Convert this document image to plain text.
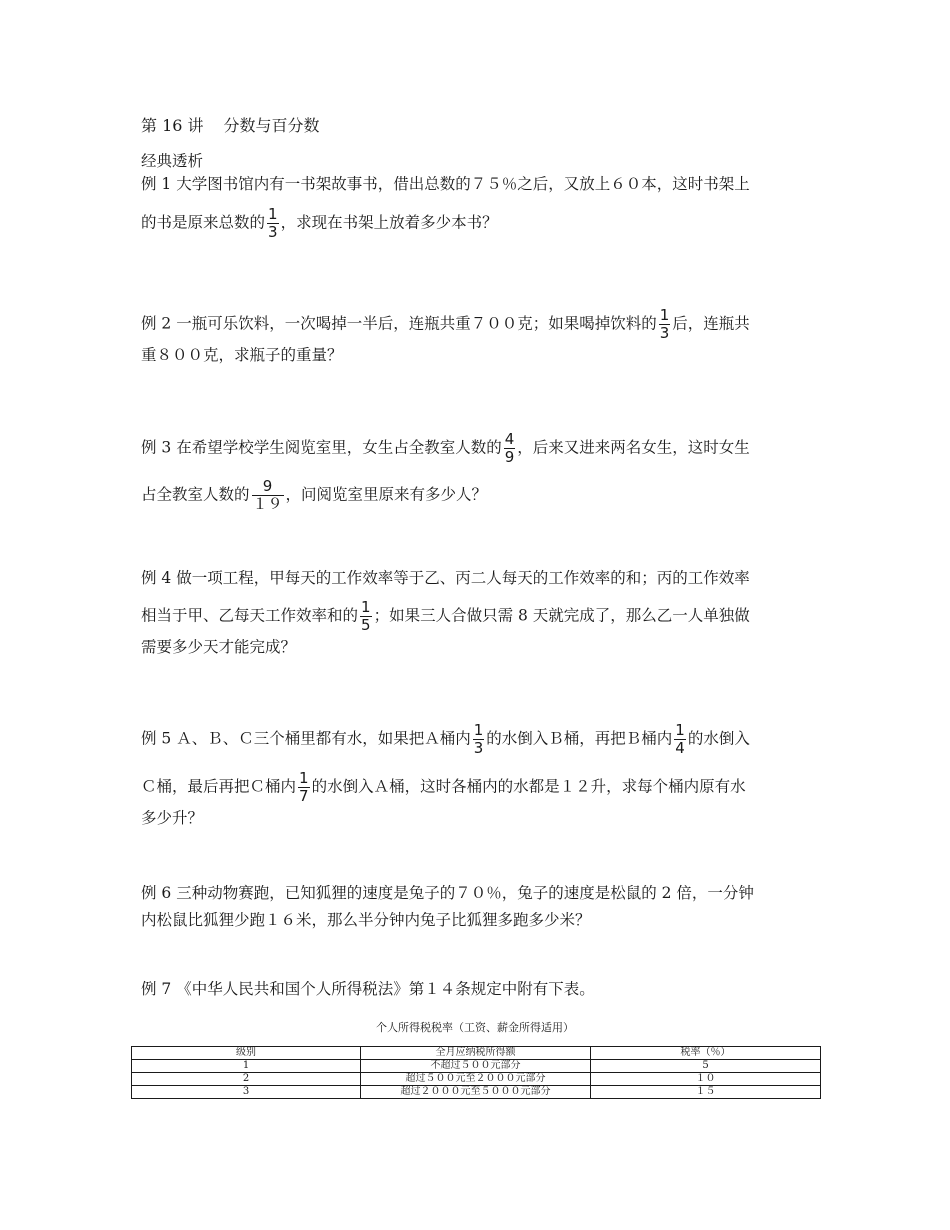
第 16 讲 分数与百分数
经典透析
例 1 大学图书馆内有一书架故事书，借出总数的７５％之后，又放上６０本，这时书架上
的书是原来总数的 $\frac{1}{3}$ ，求现在书架上放着多少本书？
例 2 一瓶可乐饮料，一次喝掉一半后，连瓶共重７００克；如果喝掉饮料的 $\frac{1}{3}$ 后，连瓶共
重８００克，求瓶子的重量？
例 3 在希望学校学生阅览室里，女生占全教室人数的 $\frac{4}{9}$ ，后来又进来两名女生，这时女生
占全教室人数的 $\frac{9}{19}$ ，问阅览室里原来有多少人？
例 4 做一项工程，甲每天的工作效率等于乙、丙二人每天的工作效率的和；丙的工作效率
相当于甲、乙每天工作效率和的 $\frac{1}{5}$ ；如果三人合做只需 8 天就完成了，那么乙一人单独做
需要多少天才能完成？
例 5 Ａ、Ｂ、Ｃ三个桶里都有水，如果把Ａ桶内 $\frac{1}{3}$ 的水倒入Ｂ桶，再把Ｂ桶内 $\frac{1}{4}$ 的水倒入
Ｃ桶，最后再把Ｃ桶内 $\frac{1}{7}$ 的水倒入Ａ桶，这时各桶内的水都是１２升，求每个桶内原有水
多少升？
例 6 三种动物赛跑，已知狐狸的速度是兔子的７０％，兔子的速度是松鼠的 2 倍，一分钟
内松鼠比狐狸少跑１６米，那么半分钟内兔子比狐狸多跑多少米？
例 7 《中华人民共和国个人所得税法》第１４条规定中附有下表。
个人所得税税率（工资、薪金所得适用）
级别	全月应纳税所得额	税率（％）
1	不超过５００元部分	5
2	超过５００元至２０００元部分	１０
3	超过２０００元至５０００元部分	１５
